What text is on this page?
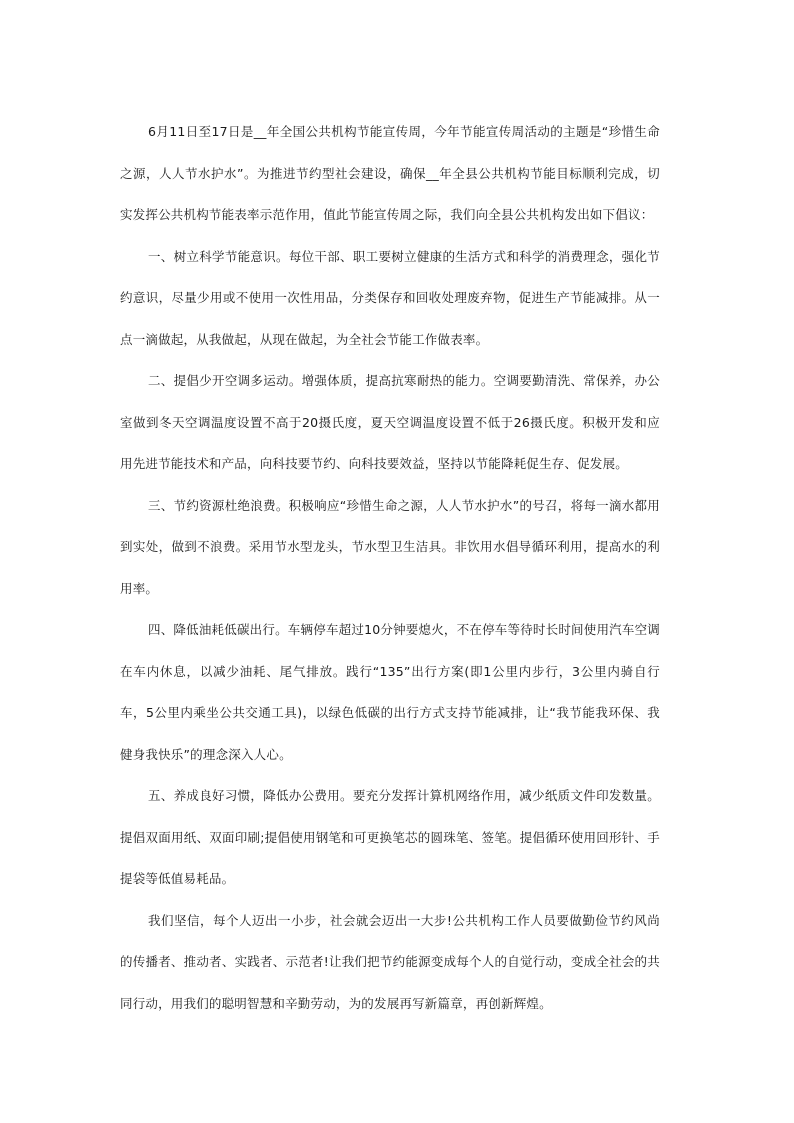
6月11日至17日是__年全国公共机构节能宣传周，今年节能宣传周活动的主题是“珍惜生命之源，人人节水护水”。为推进节约型社会建设，确保__年全县公共机构节能目标顺利完成，切实发挥公共机构节能表率示范作用，值此节能宣传周之际，我们向全县公共机构发出如下倡议：

一、树立科学节能意识。每位干部、职工要树立健康的生活方式和科学的消费理念，强化节约意识，尽量少用或不使用一次性用品，分类保存和回收处理废弃物，促进生产节能减排。从一点一滴做起，从我做起，从现在做起，为全社会节能工作做表率。

二、提倡少开空调多运动。增强体质，提高抗寒耐热的能力。空调要勤清洗、常保养，办公室做到冬天空调温度设置不高于20摄氏度，夏天空调温度设置不低于26摄氏度。积极开发和应用先进节能技术和产品，向科技要节约、向科技要效益，坚持以节能降耗促生存、促发展。

三、节约资源杜绝浪费。积极响应“珍惜生命之源，人人节水护水”的号召，将每一滴水都用到实处，做到不浪费。采用节水型龙头，节水型卫生洁具。非饮用水倡导循环利用，提高水的利用率。

四、降低油耗低碳出行。车辆停车超过10分钟要熄火，不在停车等待时长时间使用汽车空调在车内休息，以减少油耗、尾气排放。践行“135”出行方案(即1公里内步行，3公里内骑自行车，5公里内乘坐公共交通工具)，以绿色低碳的出行方式支持节能减排，让“我节能我环保、我健身我快乐”的理念深入人心。

五、养成良好习惯，降低办公费用。要充分发挥计算机网络作用，减少纸质文件印发数量。提倡双面用纸、双面印刷;提倡使用钢笔和可更换笔芯的圆珠笔、签笔。提倡循环使用回形针、手提袋等低值易耗品。

我们坚信，每个人迈出一小步，社会就会迈出一大步!公共机构工作人员要做勤俭节约风尚的传播者、推动者、实践者、示范者!让我们把节约能源变成每个人的自觉行动，变成全社会的共同行动，用我们的聪明智慧和辛勤劳动，为的发展再写新篇章，再创新辉煌。
